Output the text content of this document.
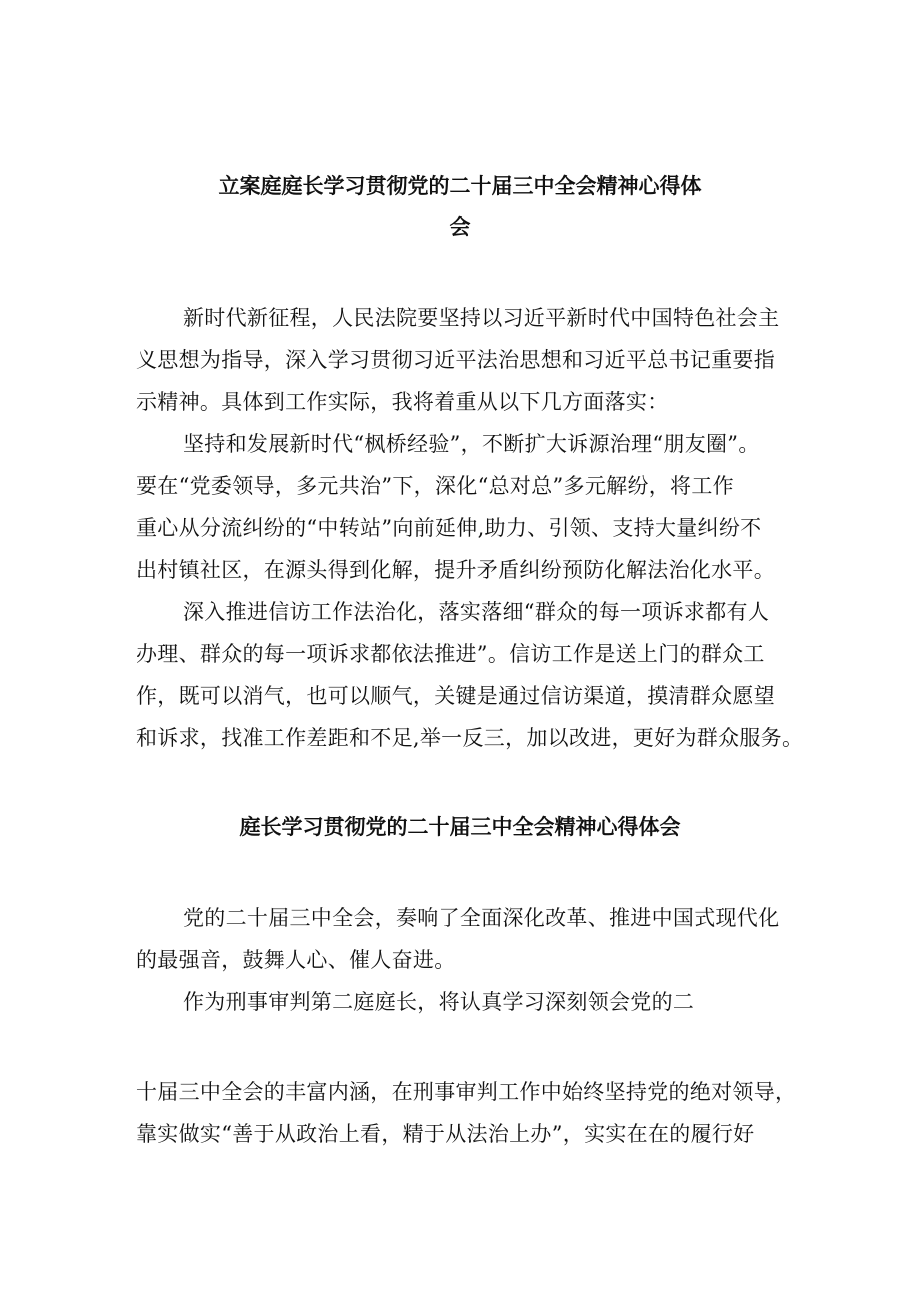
立案庭庭长学习贯彻党的二十届三中全会精神心得体
会
新时代新征程，人民法院要坚持以习近平新时代中国特色社会主
义思想为指导，深入学习贯彻习近平法治思想和习近平总书记重要指
示精神。具体到工作实际，我将着重从以下几方面落实：
坚持和发展新时代“枫桥经验”，不断扩大诉源治理“朋友圈”。
要在“党委领导，多元共治”下，深化“总对总”多元解纷，将工作
重心从分流纠纷的“中转站”向前延伸,助力、引领、支持大量纠纷不
出村镇社区，在源头得到化解，提升矛盾纠纷预防化解法治化水平。
深入推进信访工作法治化，落实落细“群众的每一项诉求都有人
办理、群众的每一项诉求都依法推进”。信访工作是送上门的群众工
作，既可以消气，也可以顺气，关键是通过信访渠道，摸清群众愿望
和诉求，找准工作差距和不足,举一反三，加以改进，更好为群众服务。
庭长学习贯彻党的二十届三中全会精神心得体会
党的二十届三中全会，奏响了全面深化改革、推进中国式现代化
的最强音，鼓舞人心、催人奋进。
作为刑事审判第二庭庭长，将认真学习深刻领会党的二
十届三中全会的丰富内涵，在刑事审判工作中始终坚持党的绝对领导，
靠实做实“善于从政治上看，精于从法治上办”，实实在在的履行好
